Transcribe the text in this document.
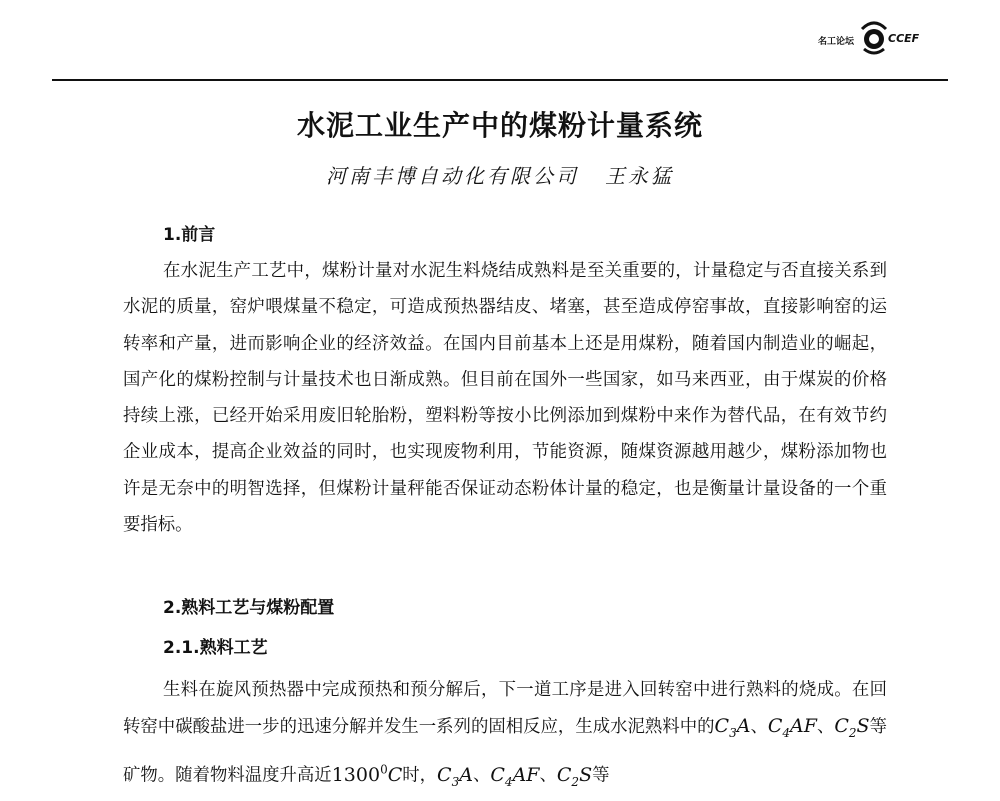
名工论坛	CCEF
水泥工业生产中的煤粉计量系统
河南丰博自动化有限公司 王永猛
1.前言

在水泥生产工艺中，煤粉计量对水泥生料烧结成熟料是至关重要的，计量稳定与否直接关系到水泥的质量，窑炉喂煤量不稳定，可造成预热器结皮、堵塞，甚至造成停窑事故，直接影响窑的运转率和产量，进而影响企业的经济效益。在国内目前基本上还是用煤粉，随着国内制造业的崛起，国产化的煤粉控制与计量技术也日渐成熟。但目前在国外一些国家，如马来西亚，由于煤炭的价格持续上涨，已经开始采用废旧轮胎粉，塑料粉等按小比例添加到煤粉中来作为替代品，在有效节约企业成本，提高企业效益的同时，也实现废物利用，节能资源，随煤资源越用越少，煤粉添加物也许是无奈中的明智选择，但煤粉计量秤能否保证动态粉体计量的稳定，也是衡量计量设备的一个重要指标。

2.熟料工艺与煤粉配置
2.1.熟料工艺

生料在旋风预热器中完成预热和预分解后，下一道工序是进入回转窑中进行熟料的烧成。在回转窑中碳酸盐进一步的迅速分解并发生一系列的固相反应，生成水泥熟料中的$C_3A$、$C_4AF$、$C_2S$等矿物。随着物料温度升高近1300$^0$C时，$C_3A$、$C_4AF$、$C_2S$等
